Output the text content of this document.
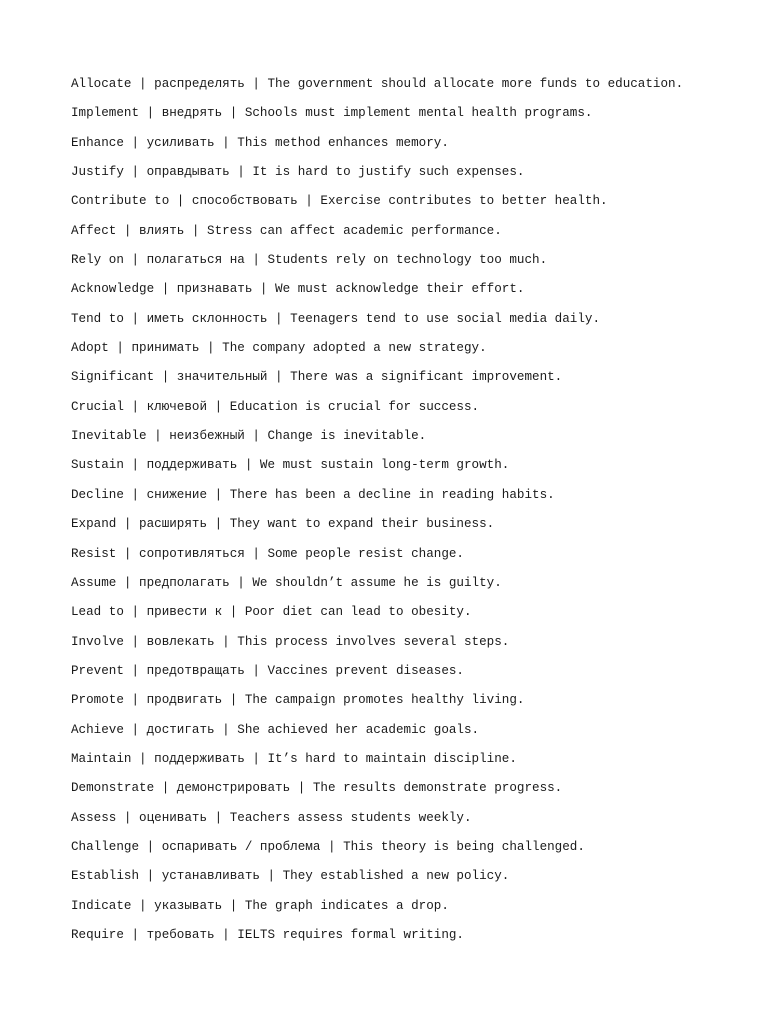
Allocate | распределять | The government should allocate more funds to education.
Implement | внедрять | Schools must implement mental health programs.
Enhance | усиливать | This method enhances memory.
Justify | оправдывать | It is hard to justify such expenses.
Contribute to | способствовать | Exercise contributes to better health.
Affect | влиять | Stress can affect academic performance.
Rely on | полагаться на | Students rely on technology too much.
Acknowledge | признавать | We must acknowledge their effort.
Tend to | иметь склонность | Teenagers tend to use social media daily.
Adopt | принимать | The company adopted a new strategy.
Significant | значительный | There was a significant improvement.
Crucial | ключевой | Education is crucial for success.
Inevitable | неизбежный | Change is inevitable.
Sustain | поддерживать | We must sustain long-term growth.
Decline | снижение | There has been a decline in reading habits.
Expand | расширять | They want to expand their business.
Resist | сопротивляться | Some people resist change.
Assume | предполагать | We shouldn’t assume he is guilty.
Lead to | привести к | Poor diet can lead to obesity.
Involve | вовлекать | This process involves several steps.
Prevent | предотвращать | Vaccines prevent diseases.
Promote | продвигать | The campaign promotes healthy living.
Achieve | достигать | She achieved her academic goals.
Maintain | поддерживать | It’s hard to maintain discipline.
Demonstrate | демонстрировать | The results demonstrate progress.
Assess | оценивать | Teachers assess students weekly.
Challenge | оспаривать / проблема | This theory is being challenged.
Establish | устанавливать | They established a new policy.
Indicate | указывать | The graph indicates a drop.
Require | требовать | IELTS requires formal writing.
